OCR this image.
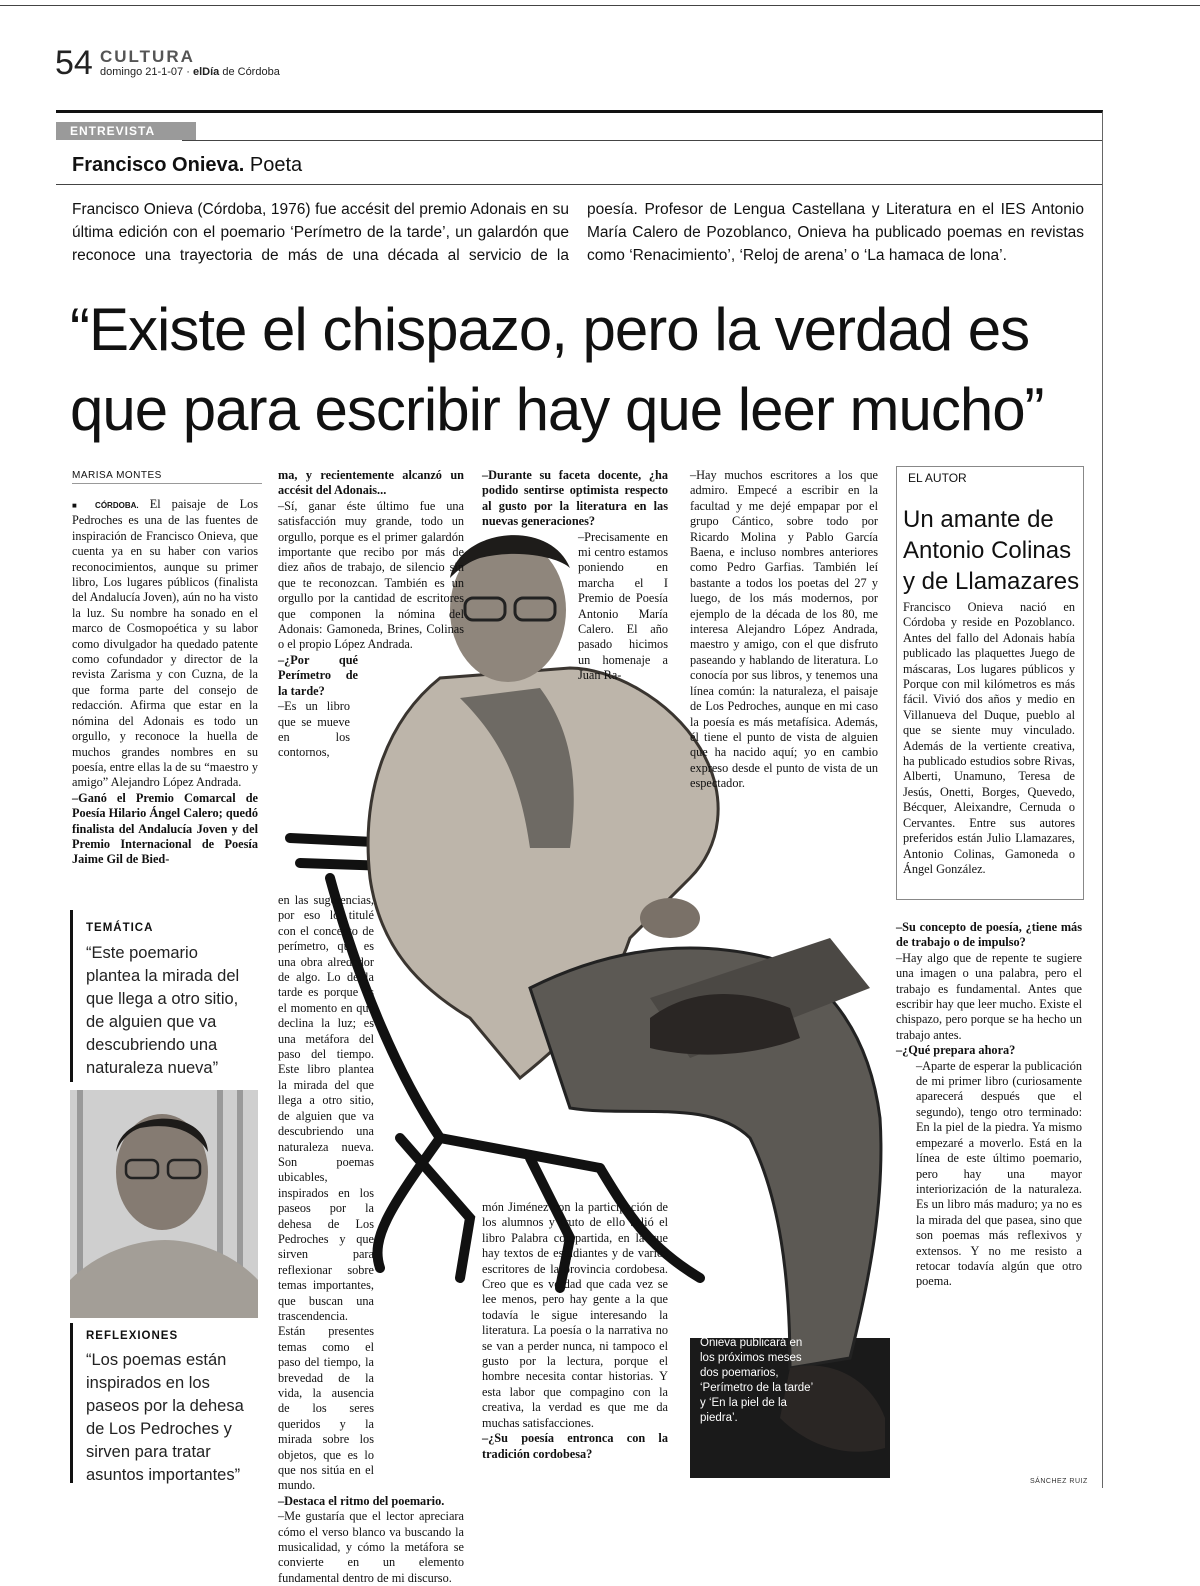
54 CULTURA
domingo 21-1-07 · elDía de Córdoba
ENTREVISTA
Francisco Onieva. Poeta
Francisco Onieva (Córdoba, 1976) fue accésit del premio Adonais en su última edición con el poemario ‘Perímetro de la tarde’, un galardón que reconoce una trayectoria de más de una década al servicio de la poesía. Profesor de Lengua Castellana y Literatura en el IES Antonio María Calero de Pozoblanco, Onieva ha publicado poemas en revistas como ‘Renacimiento’, ‘Reloj de arena’ o ‘La hamaca de lona’.
“Existe el chispazo, pero la verdad es que para escribir hay que leer mucho”
Onieva publicará en los próximos meses dos poemarios, ‘Perímetro de la tarde’ y ‘En la piel de la piedra’.
SÁNCHEZ RUIZ
MARISA MONTES

■ CÓRDOBA. El paisaje de Los Pedroches es una de las fuentes de inspiración de Francisco Onieva, que cuenta ya en su haber con varios reconocimientos, aunque su primer libro, Los lugares públicos (finalista del Andalucía Joven), aún no ha visto la luz. Su nombre ha sonado en el marco de Cosmopoética y su labor como divulgador ha quedado patente como cofundador y director de la revista Zarisma y con Cuzna, de la que forma parte del consejo de redacción. Afirma que estar en la nómina del Adonais es todo un orgullo, y reconoce la huella de muchos grandes nombres en su poesía, entre ellas la de su “maestro y amigo” Alejandro López Andrada.

–Ganó el Premio Comarcal de Poesía Hilario Ángel Calero; quedó finalista del Andalucía Joven y del Premio Internacional de Poesía Jaime Gil de Bied-

TEMÁTICA
“Este poemario plantea la mirada del que llega a otro sitio, de alguien que va descubriendo una naturaleza nueva”
REFLEXIONES
“Los poemas están inspirados en los paseos por la dehesa de Los Pedroches y sirven para tratar asuntos importantes”

ma, y recientemente alcanzó un accésit del Adonais...

–Sí, ganar éste último fue una satisfacción muy grande, todo un orgullo, porque es el primer galardón importante que recibo por más de diez años de trabajo, de silencio sin que te reconozcan. También es un orgullo por la cantidad de escritores que componen la nómina del Adonais: Gamoneda, Brines, Colinas o el propio López Andrada.

–¿Por qué Perímetro de la tarde?

–Es un libro que se mueve en los contornos,

en las sugerencias, por eso lo titulé con el concepto de perímetro, que es una obra alrededor de algo. Lo de la tarde es porque es el momento en que declina la luz; es una metáfora del paso del tiempo. Este libro plantea la mirada del que llega a otro sitio, de alguien que va descubriendo una naturaleza nueva. Son poemas ubicables, inspirados en los paseos por la dehesa de Los Pedroches y que sirven para reflexionar sobre temas importantes, que buscan una trascendencia. Están presentes temas como el paso del tiempo, la brevedad de la vida, la ausencia de los seres queridos y la mirada sobre los objetos, que es lo que nos sitúa en el mundo.

–Destaca el ritmo del poemario.

–Me gustaría que el lector apreciara cómo el verso blanco va buscando la musicalidad, y cómo la metáfora se convierte en un elemento fundamental dentro de mi discurso.

–Durante su faceta docente, ¿ha podido sentirse optimista respecto al gusto por la literatura en las nuevas generaciones?

–Precisamente en mi centro estamos poniendo en marcha el I Premio de Poesía Antonio María Calero. El año pasado hicimos un homenaje a Juan Ra-

món Jiménez con la participación de los alumnos y fruto de ello salió el libro Palabra compartida, en la que hay textos de estudiantes y de varios escritores de la provincia cordobesa. Creo que es verdad que cada vez se lee menos, pero hay gente a la que todavía le sigue interesando la literatura. La poesía o la narrativa no se van a perder nunca, ni tampoco el gusto por la lectura, porque el hombre necesita contar historias. Y esta labor que compagino con la creativa, la verdad es que me da muchas satisfacciones.

–¿Su poesía entronca con la tradición cordobesa?

–Hay muchos escritores a los que admiro. Empecé a escribir en la facultad y me dejé empapar por el grupo Cántico, sobre todo por Ricardo Molina y Pablo García Baena, e incluso nombres anteriores como Pedro Garfias. También leí bastante a todos los poetas del 27 y luego, de los más modernos, por ejemplo de la década de los 80, me interesa Alejandro López Andrada, maestro y amigo, con el que disfruto paseando y hablando de literatura. Lo conocía por sus libros, y tenemos una línea común: la naturaleza, el paisaje de Los Pedroches, aunque en mi caso la poesía es más metafísica. Además, él tiene el punto de vista de alguien que ha nacido aquí; yo en cambio expreso desde el punto de vista de un espectador.

EL AUTOR
Un amante de Antonio Colinas y de Llamazares
Francisco Onieva nació en Córdoba y reside en Pozoblanco. Antes del fallo del Adonais había publicado las plaquettes Juego de máscaras, Los lugares públicos y Porque con mil kilómetros es más fácil. Vivió dos años y medio en Villanueva del Duque, pueblo al que se siente muy vinculado. Además de la vertiente creativa, ha publicado estudios sobre Rivas, Alberti, Unamuno, Teresa de Jesús, Onetti, Borges, Quevedo, Bécquer, Aleixandre, Cernuda o Cervantes. Entre sus autores preferidos están Julio Llamazares, Antonio Colinas, Gamoneda o Ángel González.

–Su concepto de poesía, ¿tiene más de trabajo o de impulso?

–Hay algo que de repente te sugiere una imagen o una palabra, pero el trabajo es fundamental. Antes que escribir hay que leer mucho. Existe el chispazo, pero porque se ha hecho un trabajo antes.

–¿Qué prepara ahora?

–Aparte de esperar la publicación de mi primer libro (curiosamente aparecerá después que el segundo), tengo otro terminado: En la piel de la piedra. Ya mismo empezaré a moverlo. Está en la línea de este último poemario, pero hay una mayor interiorización de la naturaleza. Es un libro más maduro; ya no es la mirada del que pasea, sino que son poemas más reflexivos y extensos. Y no me resisto a retocar todavía algún que otro poema.
